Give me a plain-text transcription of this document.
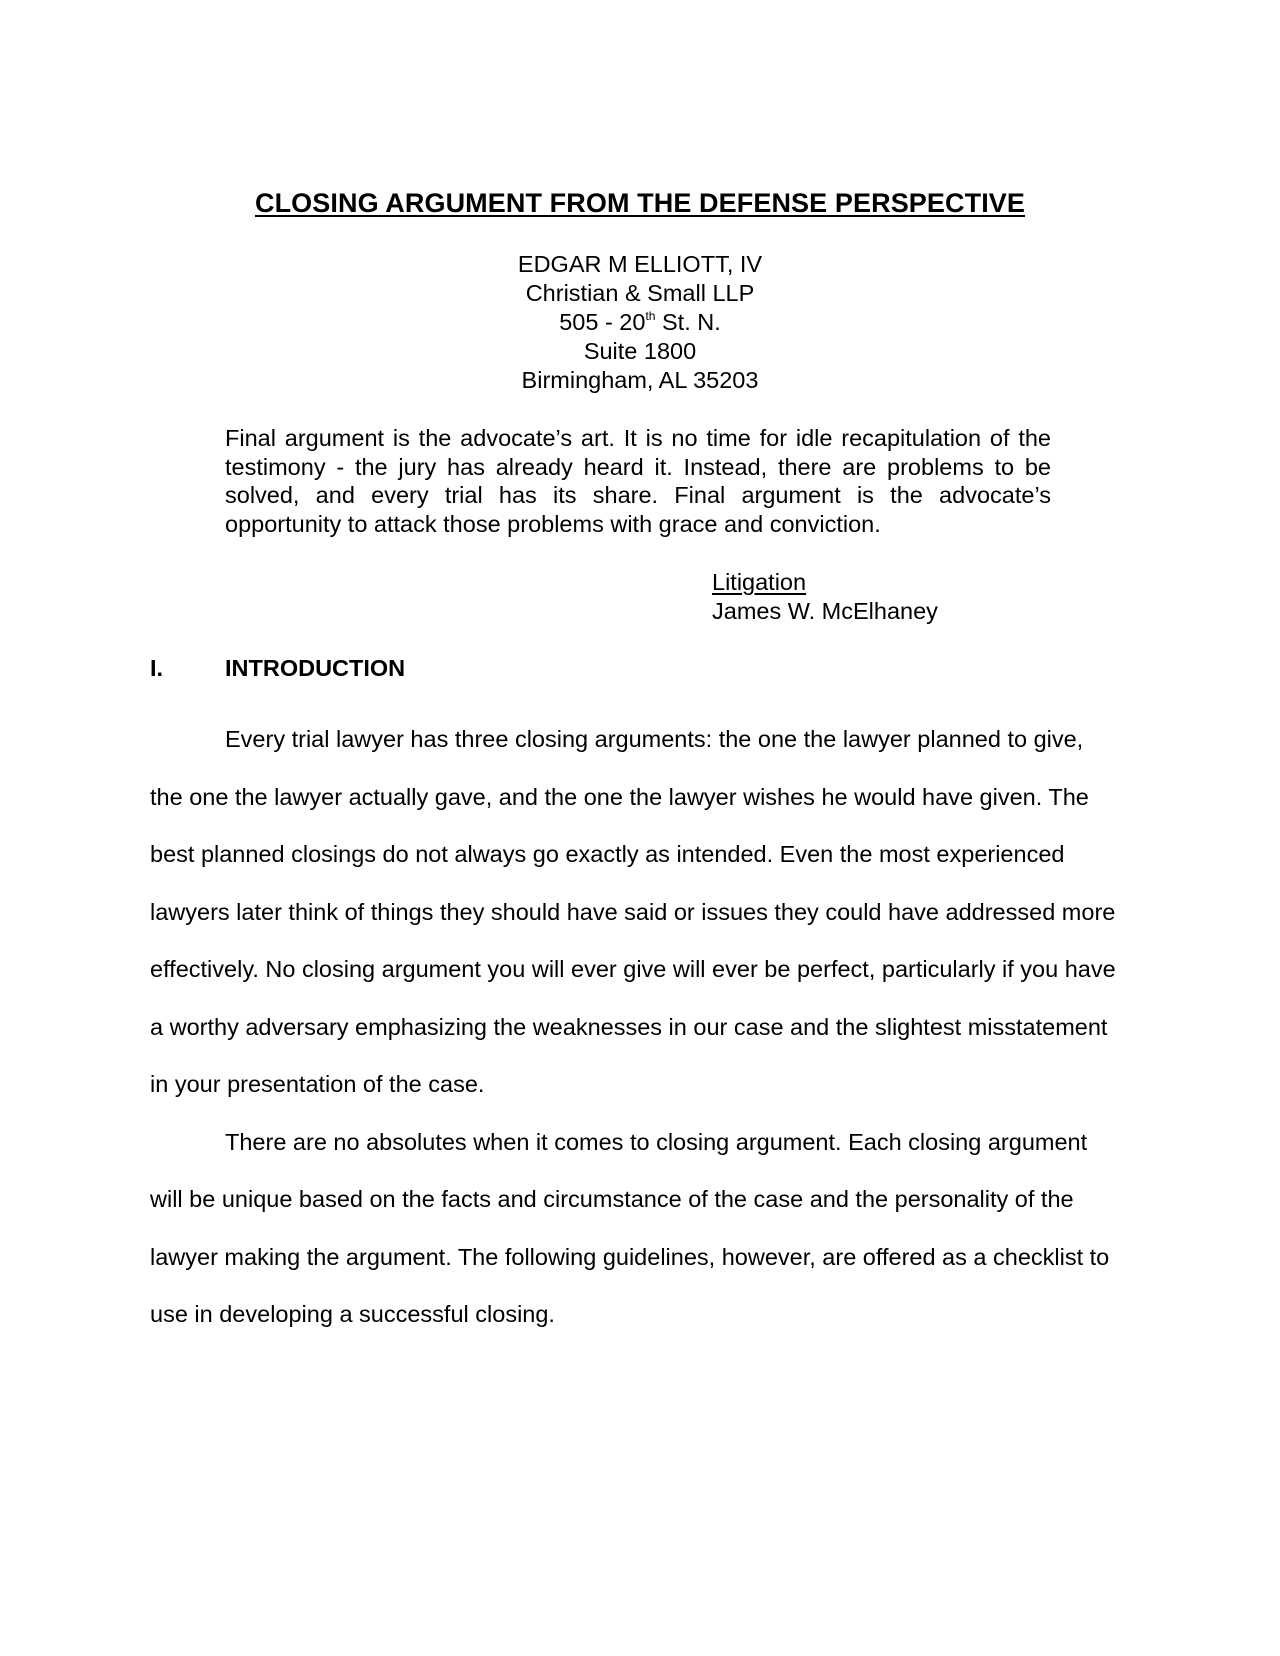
CLOSING ARGUMENT FROM THE DEFENSE PERSPECTIVE
EDGAR M ELLIOTT, IV
Christian & Small LLP
505 - 20th St. N.
Suite 1800
Birmingham, AL 35203
Final argument is the advocate’s art. It is no time for idle recapitulation of the testimony - the jury has already heard it. Instead, there are problems to be solved, and every trial has its share. Final argument is the advocate’s opportunity to attack those problems with grace and conviction.
Litigation
James W. McElhaney
I.	INTRODUCTION

Every trial lawyer has three closing arguments: the one the lawyer planned to give, the one the lawyer actually gave, and the one the lawyer wishes he would have given. The best planned closings do not always go exactly as intended. Even the most experienced lawyers later think of things they should have said or issues they could have addressed more effectively. No closing argument you will ever give will ever be perfect, particularly if you have a worthy adversary emphasizing the weaknesses in our case and the slightest misstatement in your presentation of the case.

There are no absolutes when it comes to closing argument. Each closing argument will be unique based on the facts and circumstance of the case and the personality of the lawyer making the argument. The following guidelines, however, are offered as a checklist to use in developing a successful closing.
